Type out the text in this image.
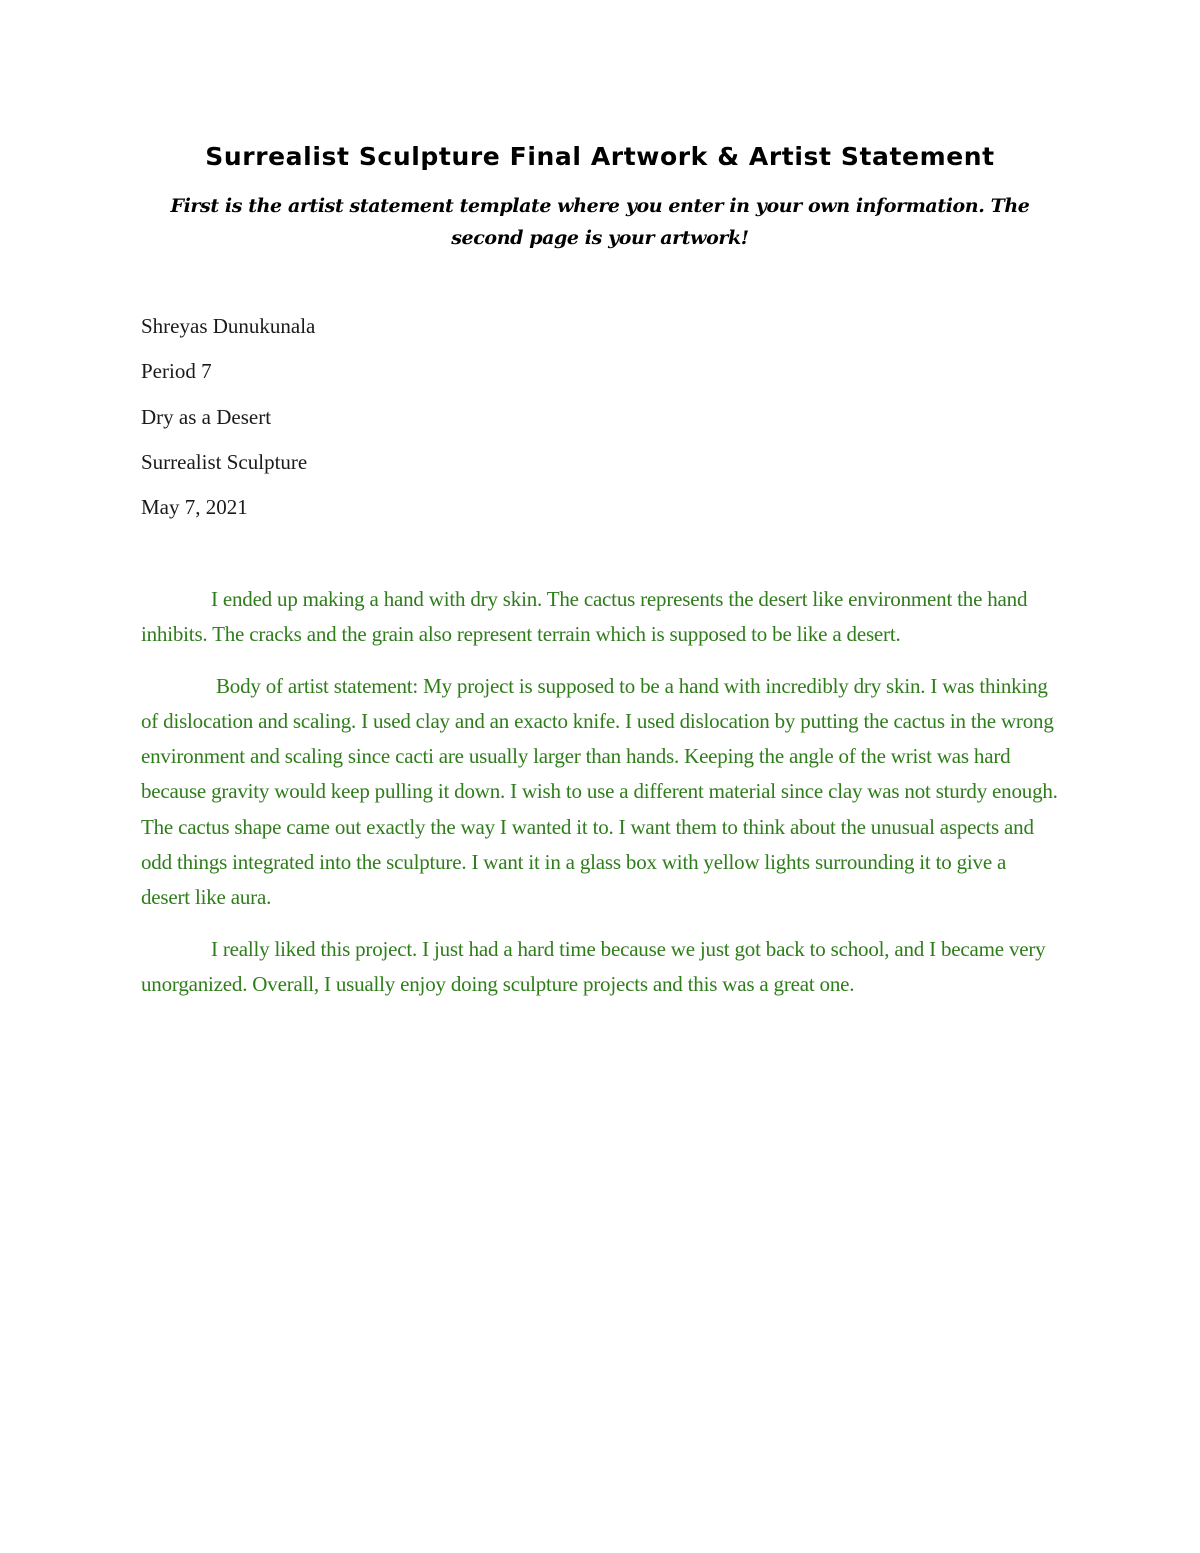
Surrealist Sculpture Final Artwork & Artist Statement

First is the artist statement template where you enter in your own information. The second page is your artwork!

Shreyas Dunukunala

Period 7

Dry as a Desert

Surrealist Sculpture

May 7, 2021

I ended up making a hand with dry skin. The cactus represents the desert like environment the hand inhibits. The cracks and the grain also represent terrain which is supposed to be like a desert.

Body of artist statement: My project is supposed to be a hand with incredibly dry skin. I was thinking of dislocation and scaling. I used clay and an exacto knife. I used dislocation by putting the cactus in the wrong environment and scaling since cacti are usually larger than hands. Keeping the angle of the wrist was hard because gravity would keep pulling it down. I wish to use a different material since clay was not sturdy enough. The cactus shape came out exactly the way I wanted it to. I want them to think about the unusual aspects and odd things integrated into the sculpture. I want it in a glass box with yellow lights surrounding it to give a desert like aura.

I really liked this project. I just had a hard time because we just got back to school, and I became very unorganized. Overall, I usually enjoy doing sculpture projects and this was a great one.
